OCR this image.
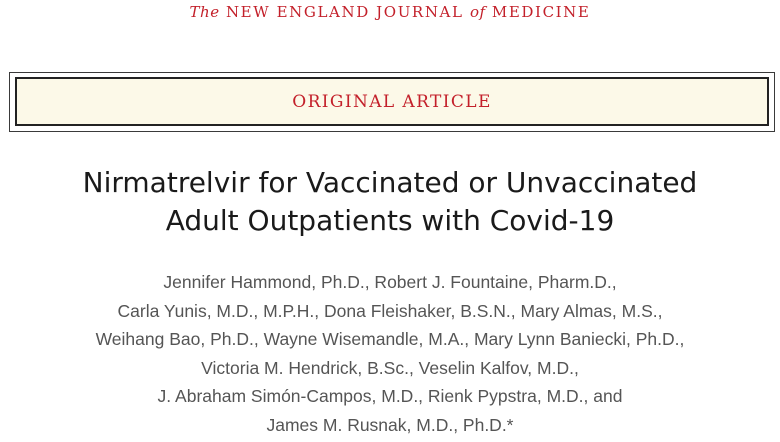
The NEW ENGLAND JOURNAL of MEDICINE
ORIGINAL ARTICLE
Nirmatrelvir for Vaccinated or Unvaccinated
Adult Outpatients with Covid-19
Jennifer Hammond, Ph.D., Robert J. Fountaine, Pharm.D.,
Carla Yunis, M.D., M.P.H., Dona Fleishaker, B.S.N., Mary Almas, M.S.,
Weihang Bao, Ph.D., Wayne Wisemandle, M.A., Mary Lynn Baniecki, Ph.D.,
Victoria M. Hendrick, B.Sc., Veselin Kalfov, M.D.,
J. Abraham Simón-Campos, M.D., Rienk Pypstra, M.D., and
James M. Rusnak, M.D., Ph.D.*
